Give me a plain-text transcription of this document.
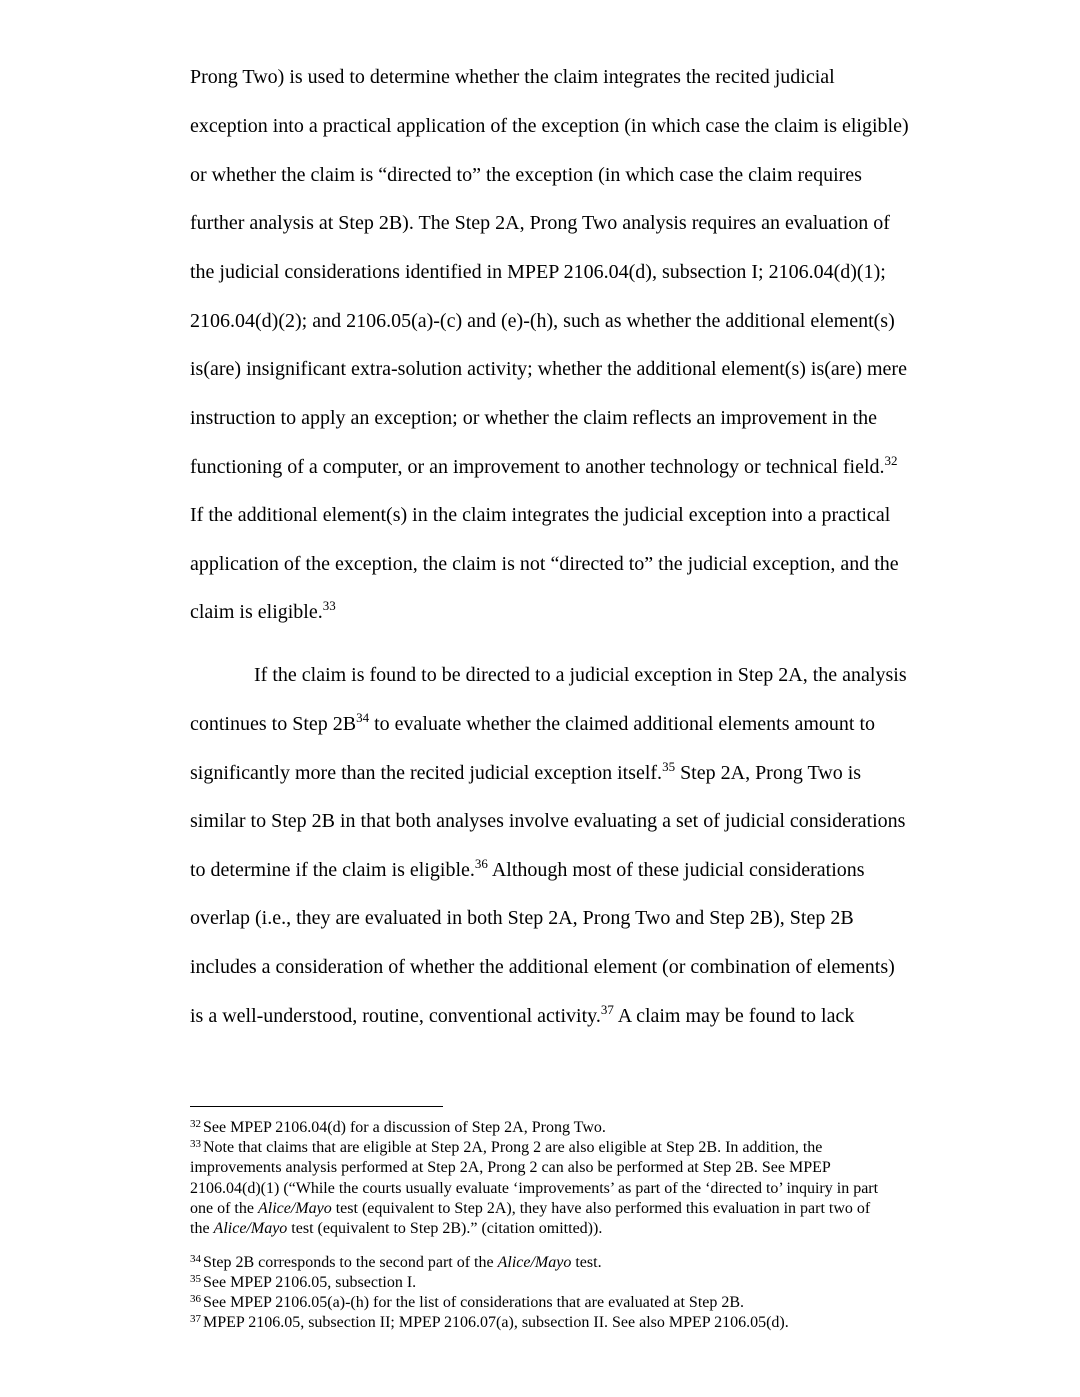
Prong Two) is used to determine whether the claim integrates the recited judicial

exception into a practical application of the exception (in which case the claim is eligible)

or whether the claim is “directed to” the exception (in which case the claim requires

further analysis at Step 2B). The Step 2A, Prong Two analysis requires an evaluation of

the judicial considerations identified in MPEP 2106.04(d), subsection I; 2106.04(d)(1);

2106.04(d)(2); and 2106.05(a)-(c) and (e)-(h), such as whether the additional element(s)

is(are) insignificant extra-solution activity; whether the additional element(s) is(are) mere

instruction to apply an exception; or whether the claim reflects an improvement in the

functioning of a computer, or an improvement to another technology or technical field.$^{32}$

If the additional element(s) in the claim integrates the judicial exception into a practical

application of the exception, the claim is not “directed to” the judicial exception, and the

claim is eligible.$^{33}$

If the claim is found to be directed to a judicial exception in Step 2A, the analysis

continues to Step 2B$^{34}$ to evaluate whether the claimed additional elements amount to

significantly more than the recited judicial exception itself.$^{35}$ Step 2A, Prong Two is

similar to Step 2B in that both analyses involve evaluating a set of judicial considerations

to determine if the claim is eligible.$^{36}$ Although most of these judicial considerations

overlap (i.e., they are evaluated in both Step 2A, Prong Two and Step 2B), Step 2B

includes a consideration of whether the additional element (or combination of elements)

is a well-understood, routine, conventional activity.$^{37}$ A claim may be found to lack

$^{32}$ See MPEP 2106.04(d) for a discussion of Step 2A, Prong Two.

$^{33}$ Note that claims that are eligible at Step 2A, Prong 2 are also eligible at Step 2B. In addition, the

improvements analysis performed at Step 2A, Prong 2 can also be performed at Step 2B. See MPEP

2106.04(d)(1) (“While the courts usually evaluate ‘improvements’ as part of the ‘directed to’ inquiry in part

one of the Alice/Mayo test (equivalent to Step 2A), they have also performed this evaluation in part two of

the Alice/Mayo test (equivalent to Step 2B).” (citation omitted)).

$^{34}$ Step 2B corresponds to the second part of the Alice/Mayo test.

$^{35}$ See MPEP 2106.05, subsection I.

$^{36}$ See MPEP 2106.05(a)-(h) for the list of considerations that are evaluated at Step 2B.

$^{37}$ MPEP 2106.05, subsection II; MPEP 2106.07(a), subsection II. See also MPEP 2106.05(d).
